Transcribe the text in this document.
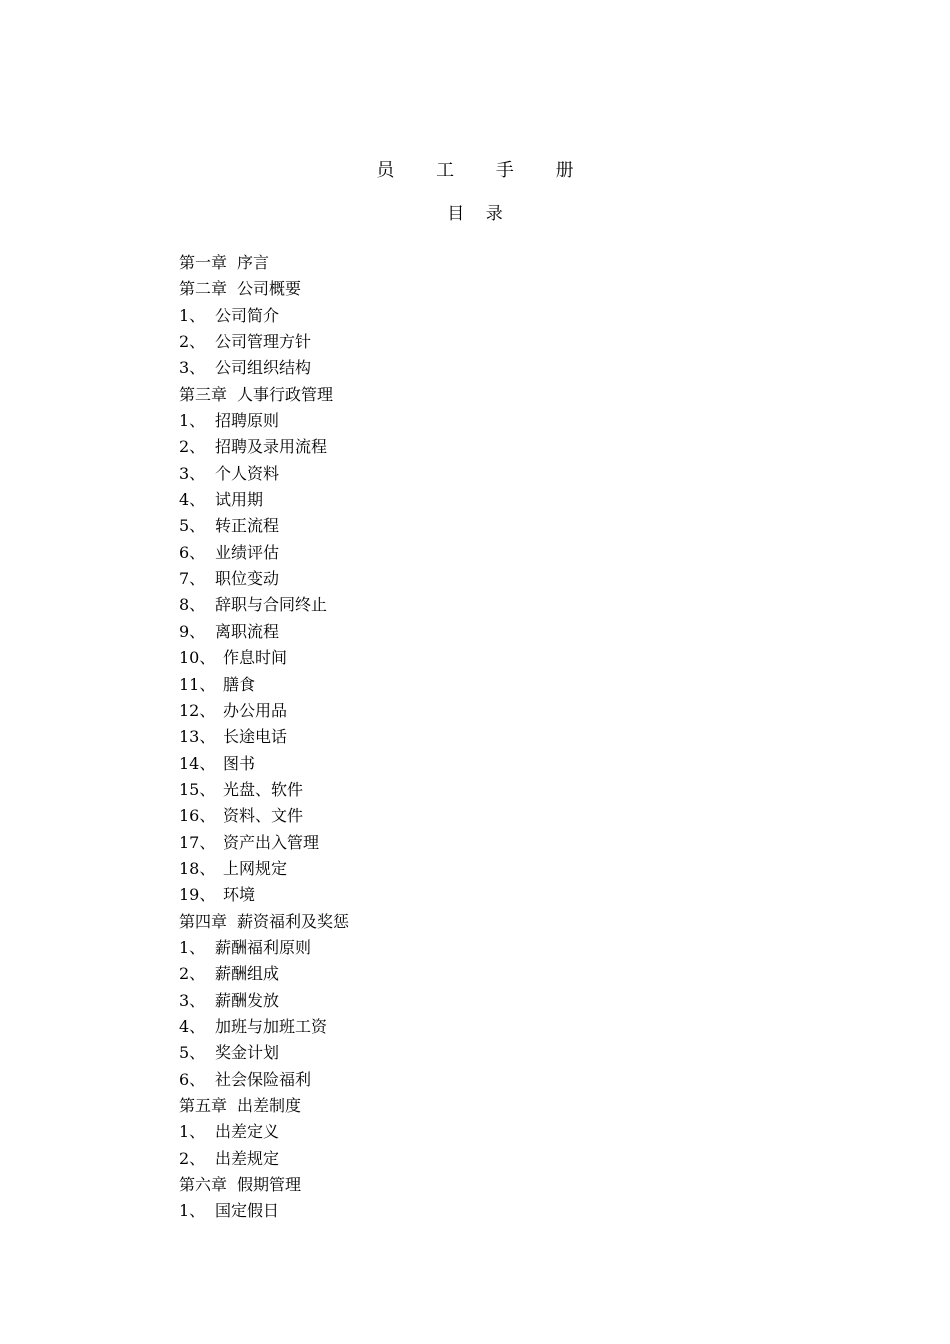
员 工 手 册
目 录
第一章 序言
第二章 公司概要
1、 公司简介
2、 公司管理方针
3、 公司组织结构
第三章 人事行政管理
1、 招聘原则
2、 招聘及录用流程
3、 个人资料
4、 试用期
5、 转正流程
6、 业绩评估
7、 职位变动
8、 辞职与合同终止
9、 离职流程
10、 作息时间
11、 膳食
12、 办公用品
13、 长途电话
14、 图书
15、 光盘、软件
16、 资料、文件
17、 资产出入管理
18、 上网规定
19、 环境
第四章 薪资福利及奖惩
1、 薪酬福利原则
2、 薪酬组成
3、 薪酬发放
4、 加班与加班工资
5、 奖金计划
6、 社会保险福利
第五章 出差制度
1、 出差定义
2、 出差规定
第六章 假期管理
1、 国定假日
